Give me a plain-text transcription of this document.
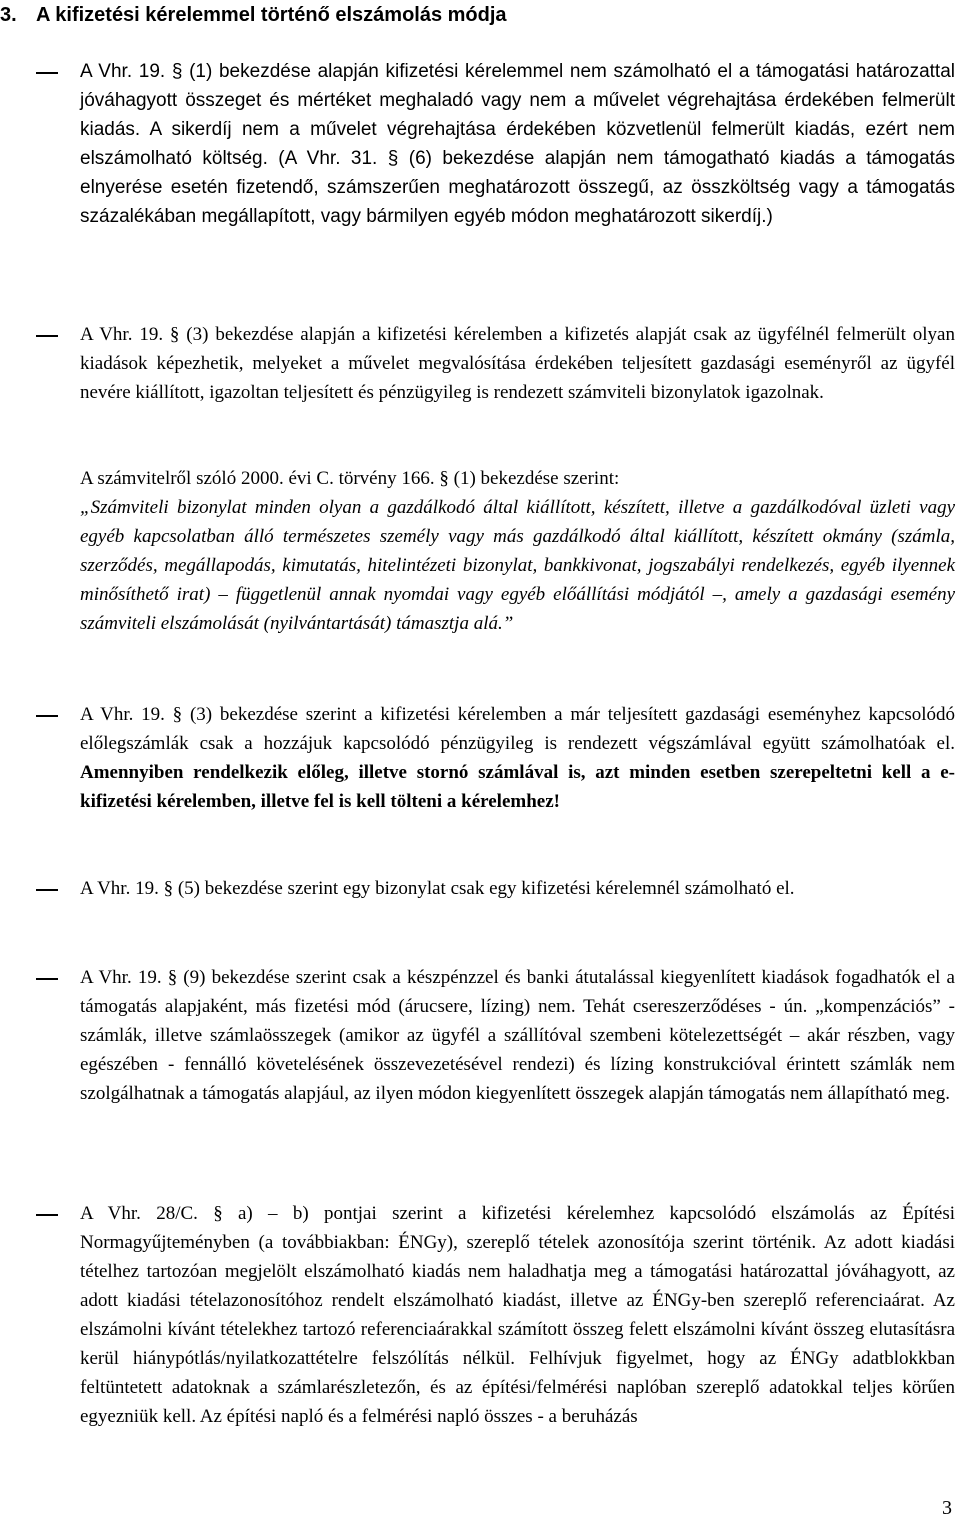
3. A kifizetési kérelemmel történő elszámolás módja

A Vhr. 19. § (1) bekezdése alapján kifizetési kérelemmel nem számolható el a támogatási határozattal jóváhagyott összeget és mértéket meghaladó vagy nem a művelet végrehajtása érdekében felmerült kiadás. A sikerdíj nem a művelet végrehajtása érdekében közvetlenül felmerült kiadás, ezért nem elszámolható költség. (A Vhr. 31. § (6) bekezdése alapján nem támogatható kiadás a támogatás elnyerése esetén fizetendő, számszerűen meghatározott összegű, az összköltség vagy a támogatás százalékában megállapított, vagy bármilyen egyéb módon meghatározott sikerdíj.)

A Vhr. 19. § (3) bekezdése alapján a kifizetési kérelemben a kifizetés alapját csak az ügyfélnél felmerült olyan kiadások képezhetik, melyeket a művelet megvalósítása érdekében teljesített gazdasági eseményről az ügyfél nevére kiállított, igazoltan teljesített és pénzügyileg is rendezett számviteli bizonylatok igazolnak.

A számvitelről szóló 2000. évi C. törvény 166. § (1) bekezdése szerint:

„Számviteli bizonylat minden olyan a gazdálkodó által kiállított, készített, illetve a gazdálkodóval üzleti vagy egyéb kapcsolatban álló természetes személy vagy más gazdálkodó által kiállított, készített okmány (számla, szerződés, megállapodás, kimutatás, hitelintézeti bizonylat, bankkivonat, jogszabályi rendelkezés, egyéb ilyennek minősíthető irat) – függetlenül annak nyomdai vagy egyéb előállítási módjától –, amely a gazdasági esemény számviteli elszámolását (nyilvántartását) támasztja alá.”

A Vhr. 19. § (3) bekezdése szerint a kifizetési kérelemben a már teljesített gazdasági eseményhez kapcsolódó előlegszámlák csak a hozzájuk kapcsolódó pénzügyileg is rendezett végszámlával együtt számolhatóak el. Amennyiben rendelkezik előleg, illetve stornó számlával is, azt minden esetben szerepeltetni kell a e-kifizetési kérelemben, illetve fel is kell tölteni a kérelemhez!

A Vhr. 19. § (5) bekezdése szerint egy bizonylat csak egy kifizetési kérelemnél számolható el.

A Vhr. 19. § (9) bekezdése szerint csak a készpénzzel és banki átutalással kiegyenlített kiadások fogadhatók el a támogatás alapjaként, más fizetési mód (árucsere, lízing) nem. Tehát csereszerződéses - ún. „kompenzációs” - számlák, illetve számlaösszegek (amikor az ügyfél a szállítóval szembeni kötelezettségét – akár részben, vagy egészében - fennálló követelésének összevezetésével rendezi) és lízing konstrukcióval érintett számlák nem szolgálhatnak a támogatás alapjául, az ilyen módon kiegyenlített összegek alapján támogatás nem állapítható meg.

A Vhr. 28/C. § a) – b) pontjai szerint a kifizetési kérelemhez kapcsolódó elszámolás az Építési Normagyűjteményben (a továbbiakban: ÉNGy), szereplő tételek azonosítója szerint történik. Az adott kiadási tételhez tartozóan megjelölt elszámolható kiadás nem haladhatja meg a támogatási határozattal jóváhagyott, az adott kiadási tételazonosítóhoz rendelt elszámolható kiadást, illetve az ÉNGy-ben szereplő referenciaárat. Az elszámolni kívánt tételekhez tartozó referenciaárakkal számított összeg felett elszámolni kívánt összeg elutasításra kerül hiánypótlás/nyilatkozattételre felszólítás nélkül. Felhívjuk figyelmet, hogy az ÉNGy adatblokkban feltüntetett adatoknak a számlarészletezőn, és az építési/felmérési naplóban szereplő adatokkal teljes körűen egyezniük kell. Az építési napló és a felmérési napló összes - a beruházás

3
